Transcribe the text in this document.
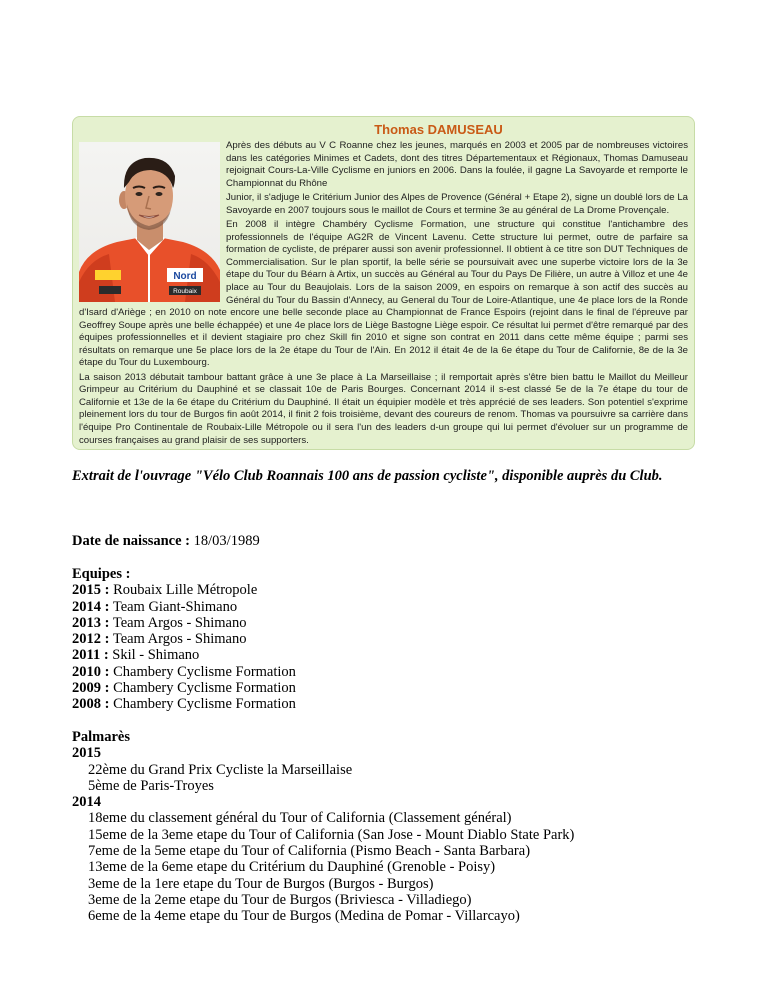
Thomas DAMUSEAU
Nord
Roubaix

Après des débuts au V C Roanne chez les jeunes, marqués en 2003 et 2005 par de nombreuses victoires dans les catégories Minimes et Cadets, dont des titres Départementaux et Régionaux, Thomas Damuseau rejoignait Cours-La-Ville Cyclisme en juniors en 2006. Dans la foulée, il gagne La Savoyarde et remporte le Championnat du Rhône

Junior, il s'adjuge le Critérium Junior des Alpes de Provence (Général + Etape 2), signe un doublé lors de La Savoyarde en 2007 toujours sous le maillot de Cours et termine 3e au général de La Drome Provençale.

En 2008 il intègre Chambéry Cyclisme Formation, une structure qui constitue l'antichambre des professionnels de l'équipe AG2R de Vincent Lavenu. Cette structure lui permet, outre de parfaire sa formation de cycliste, de préparer aussi son avenir professionnel. Il obtient à ce titre son DUT Techniques de Commercialisation. Sur le plan sportif, la belle série se poursuivait avec une superbe victoire lors de la 3e étape du Tour du Béarn à Artix, un succès au Général au Tour du Pays De Filière, un autre à Villoz et une 4e place au Tour du Beaujolais. Lors de la saison 2009, en espoirs on remarque à son actif des succès au Général du Tour du Bassin d'Annecy, au General du Tour de Loire-Atlantique, une 4e place lors de la Ronde d'Isard d'Ariège ; en 2010 on note encore une belle seconde place au Championnat de France Espoirs (rejoint dans le final de l'épreuve par Geoffrey Soupe après une belle échappée) et une 4e place lors de Liège Bastogne Liège espoir. Ce résultat lui permet d'être remarqué par des équipes professionnelles et il devient stagiaire pro chez Skill fin 2010 et signe son contrat en 2011 dans cette même équipe ; parmi ses résultats on remarque une 5e place lors de la 2e étape du Tour de l'Ain. En 2012 il était 4e de la 6e étape du Tour de Californie, 8e de la 3e étape du Tour du Luxembourg.

La saison 2013 débutait tambour battant grâce à une 3e place à La Marseillaise ; il remportait après s'être bien battu le Maillot du Meilleur Grimpeur au Critérium du Dauphiné et se classait 10e de Paris Bourges. Concernant 2014 il s-est classé 5e de la 7e étape du tour de Californie et 13e de la 6e étape du Critérium du Dauphiné. Il était un équipier modèle et très apprécié de ses leaders. Son potentiel s'exprime pleinement lors du tour de Burgos fin août 2014, il finit 2 fois troisième, devant des coureurs de renom. Thomas va poursuivre sa carrière dans l'équipe Pro Continentale de Roubaix-Lille Métropole ou il sera l'un des leaders d-un groupe qui lui permet d'évoluer sur un programme de courses françaises au grand plaisir de ses supporters.

Extrait de l'ouvrage "Vélo Club Roannais 100 ans de passion cycliste", disponible auprès du Club.
Date de naissance : 18/03/1989
Equipes :
2015 : Roubaix Lille Métropole
2014 : Team Giant-Shimano
2013 : Team Argos - Shimano
2012 : Team Argos - Shimano
2011 : Skil - Shimano
2010 : Chambery Cyclisme Formation
2009 : Chambery Cyclisme Formation
2008 : Chambery Cyclisme Formation
Palmarès
2015
22ème du Grand Prix Cycliste la Marseillaise
5ème de Paris-Troyes
2014
18eme du classement général du Tour of California (Classement général)
15eme de la 3eme etape du Tour of California (San Jose - Mount Diablo State Park)
7eme de la 5eme etape du Tour of California (Pismo Beach - Santa Barbara)
13eme de la 6eme etape du Critérium du Dauphiné (Grenoble - Poisy)
3eme de la 1ere etape du Tour de Burgos (Burgos - Burgos)
3eme de la 2eme etape du Tour de Burgos (Briviesca - Villadiego)
6eme de la 4eme etape du Tour de Burgos (Medina de Pomar - Villarcayo)
